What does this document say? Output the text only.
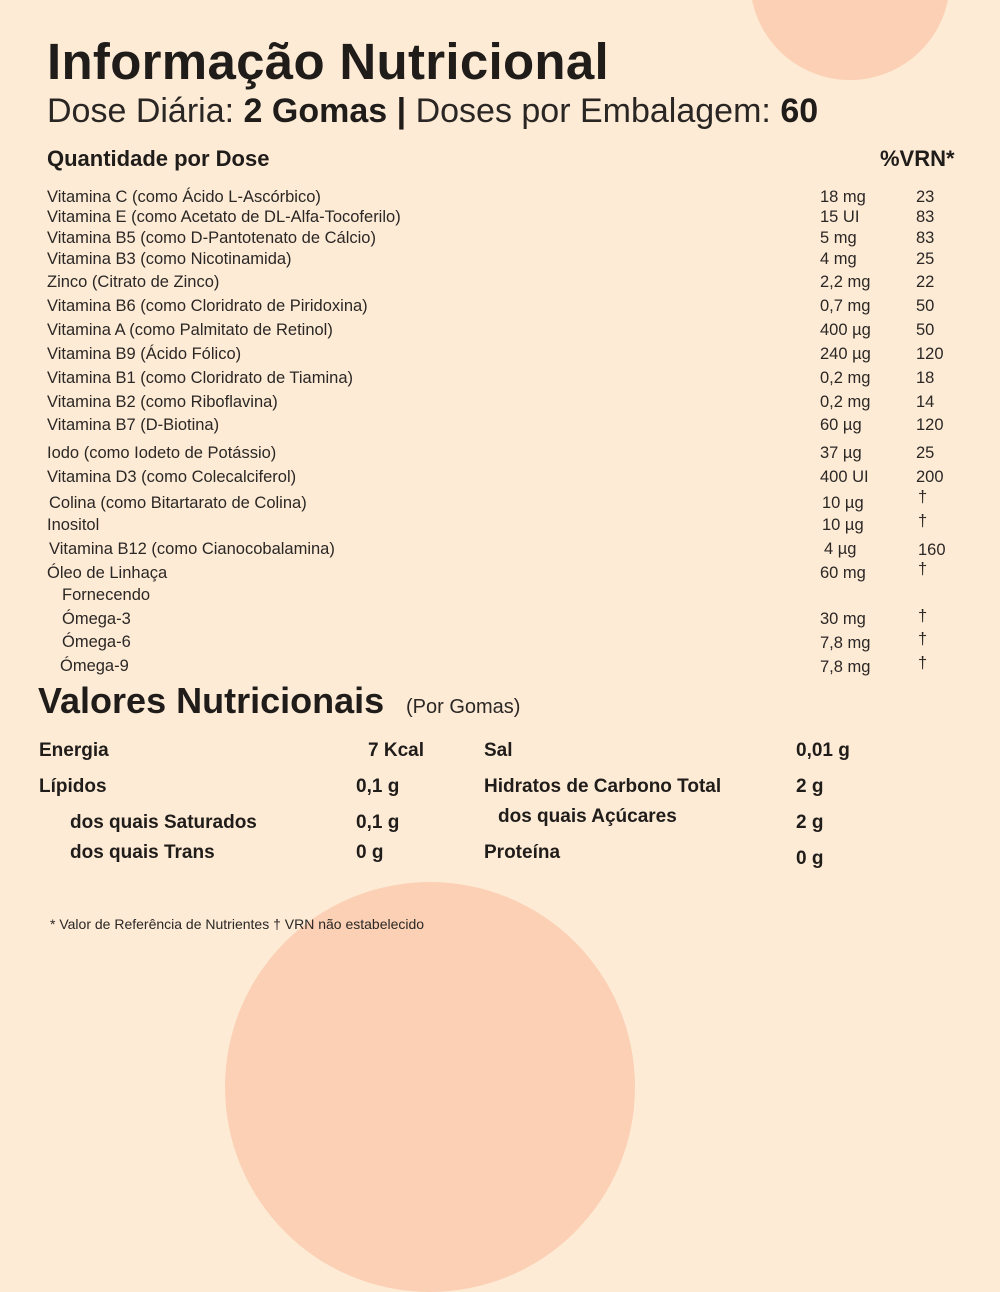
Informação Nutricional
Dose Diária: 2 Gomas | Doses por Embalagem: 60
Quantidade por Dose	%VRN*
Vitamina C (como Ácido L-Ascórbico)	18 mg	23
Vitamina E (como Acetato de DL-Alfa-Tocoferilo)	15 UI	83
Vitamina B5 (como D-Pantotenato de Cálcio)	5 mg	83
Vitamina B3 (como Nicotinamida)	4 mg	25
Zinco (Citrato de Zinco)	2,2 mg	22
Vitamina B6 (como Cloridrato de Piridoxina)	0,7 mg	50
Vitamina A (como Palmitato de Retinol)	400 µg	50
Vitamina B9 (Ácido Fólico)	240 µg	120
Vitamina B1 (como Cloridrato de Tiamina)	0,2 mg	18
Vitamina B2 (como Riboflavina)	0,2 mg	14
Vitamina B7 (D-Biotina)	60 µg	120
Iodo (como Iodeto de Potássio)	37 µg	25
Vitamina D3 (como Colecalciferol)	400 UI	200
Colina (como Bitartarato de Colina)	10 µg	†
Inositol	10 µg	†
Vitamina B12 (como Cianocobalamina)	4 µg	160
Óleo de Linhaça	60 mg	†
Fornecendo
Ómega-3	30 mg	†
Ómega-6	7,8 mg	†
Ómega-9	7,8 mg	†
Valores Nutricionais (Por Gomas)
Energia	7 Kcal
Lípidos	0,1 g
dos quais Saturados	0,1 g
dos quais Trans	0 g
Sal	0,01 g
Hidratos de Carbono Total	2 g
dos quais Açúcares	2 g
Proteína	0 g
* Valor de Referência de Nutrientes † VRN não estabelecido
